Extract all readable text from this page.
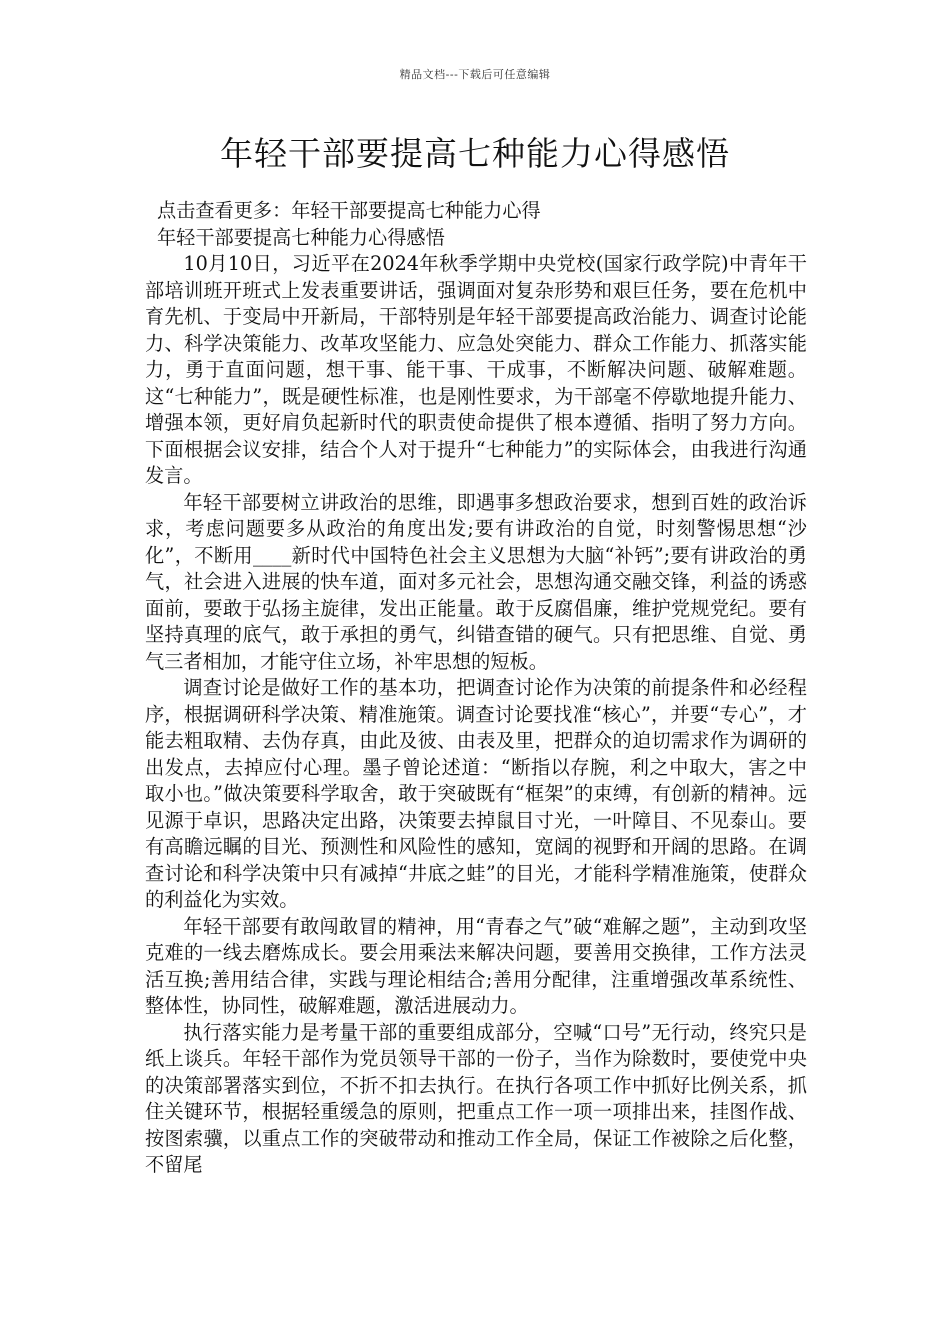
精品文档---下载后可任意编辑
年轻干部要提高七种能力心得感悟

点击查看更多：年轻干部要提高七种能力心得

年轻干部要提高七种能力心得感悟

10月10日，习近平在2024年秋季学期中央党校(国家行政学院)中青年干部培训班开班式上发表重要讲话，强调面对复杂形势和艰巨任务，要在危机中育先机、于变局中开新局，干部特别是年轻干部要提高政治能力、调查讨论能力、科学决策能力、改革攻坚能力、应急处突能力、群众工作能力、抓落实能力，勇于直面问题，想干事、能干事、干成事，不断解决问题、破解难题。这“七种能力”，既是硬性标准，也是刚性要求，为干部毫不停歇地提升能力、增强本领，更好肩负起新时代的职责使命提供了根本遵循、指明了努力方向。下面根据会议安排，结合个人对于提升“七种能力”的实际体会，由我进行沟通发言。

年轻干部要树立讲政治的思维，即遇事多想政治要求，想到百姓的政治诉求，考虑问题要多从政治的角度出发;要有讲政治的自觉，时刻警惕思想“沙化”，不断用____新时代中国特色社会主义思想为大脑“补钙”;要有讲政治的勇气，社会进入进展的快车道，面对多元社会，思想沟通交融交锋，利益的诱惑面前，要敢于弘扬主旋律，发出正能量。敢于反腐倡廉，维护党规党纪。要有坚持真理的底气，敢于承担的勇气，纠错查错的硬气。只有把思维、自觉、勇气三者相加，才能守住立场，补牢思想的短板。

调查讨论是做好工作的基本功，把调查讨论作为决策的前提条件和必经程序，根据调研科学决策、精准施策。调查讨论要找准“核心”，并要“专心”，才能去粗取精、去伪存真，由此及彼、由表及里，把群众的迫切需求作为调研的出发点，去掉应付心理。墨子曾论述道：“断指以存腕，利之中取大，害之中取小也。”做决策要科学取舍，敢于突破既有“框架”的束缚，有创新的精神。远见源于卓识，思路决定出路，决策要去掉鼠目寸光，一叶障目、不见泰山。要有高瞻远瞩的目光、预测性和风险性的感知，宽阔的视野和开阔的思路。在调查讨论和科学决策中只有减掉“井底之蛙”的目光，才能科学精准施策，使群众的利益化为实效。

年轻干部要有敢闯敢冒的精神，用“青春之气”破“难解之题”，主动到攻坚克难的一线去磨炼成长。要会用乘法来解决问题，要善用交换律，工作方法灵活互换;善用结合律，实践与理论相结合;善用分配律，注重增强改革系统性、整体性，协同性，破解难题，激活进展动力。

执行落实能力是考量干部的重要组成部分，空喊“口号”无行动，终究只是纸上谈兵。年轻干部作为党员领导干部的一份子，当作为除数时，要使党中央的决策部署落实到位，不折不扣去执行。在执行各项工作中抓好比例关系，抓住关键环节，根据轻重缓急的原则，把重点工作一项一项排出来，挂图作战、按图索骥，以重点工作的突破带动和推动工作全局，保证工作被除之后化整，不留尾
